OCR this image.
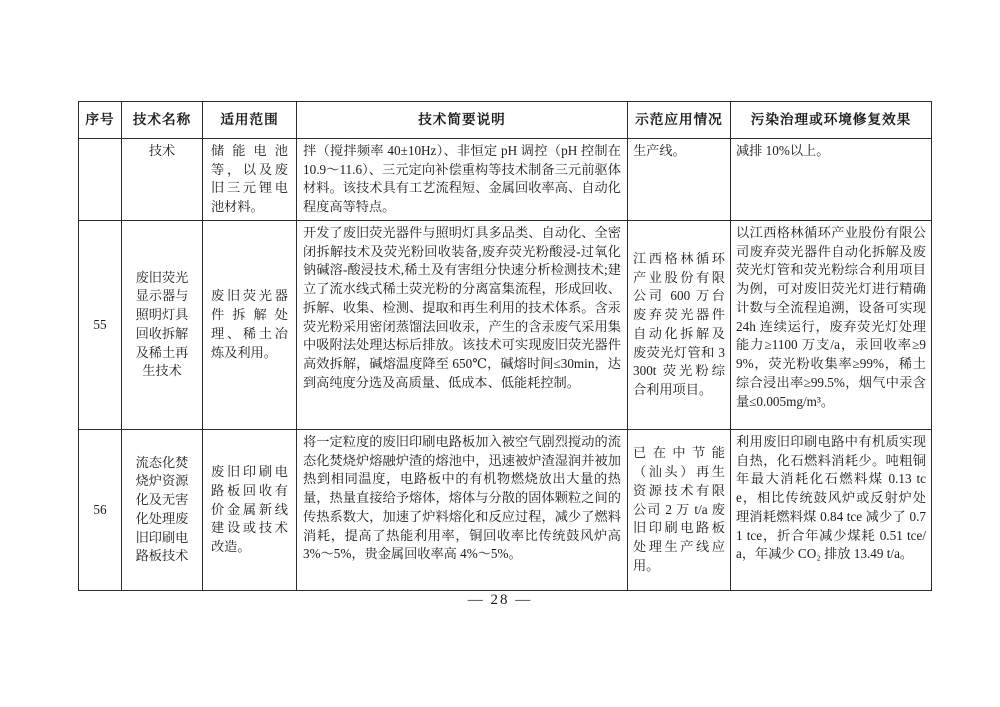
序号	技术名称	适用范围	技术简要说明	示范应用情况	污染治理或环境修复效果
	技术	储能电池等，以及废旧三元锂电池材料。	拌（搅拌频率 40±10Hz）、非恒定 pH 调控（pH 控制在 10.9～11.6）、三元定向补偿重构等技术制备三元前驱体材料。该技术具有工艺流程短、金属回收率高、自动化程度高等特点。	生产线。	减排 10%以上。
55	废旧荧光显示器与照明灯具回收拆解及稀土再生技术	废旧荧光器件拆解处理、稀土冶炼及利用。	开发了废旧荧光器件与照明灯具多品类、自动化、全密闭拆解技术及荧光粉回收装备,废弃荧光粉酸浸-过氧化钠碱溶-酸浸技术,稀土及有害组分快速分析检测技术;建立了流水线式稀土荧光粉的分离富集流程，形成回收、拆解、收集、检测、提取和再生利用的技术体系。含汞荧光粉采用密闭蒸馏法回收汞，产生的含汞废气采用集中吸附法处理达标后排放。该技术可实现废旧荧光器件高效拆解，碱熔温度降至 650℃，碱熔时间≤30min，达到高纯度分选及高质量、低成本、低能耗控制。	江西格林循环产业股份有限公司 600 万台废弃荧光器件自动化拆解及废荧光灯管和 3300t 荧光粉综合利用项目。	以江西格林循环产业股份有限公司废弃荧光器件自动化拆解及废荧光灯管和荧光粉综合利用项目为例，可对废旧荧光灯进行精确计数与全流程追溯，设备可实现 24h 连续运行，废弃荧光灯处理能力≥1100 万支/a，汞回收率≥99%，荧光粉收集率≥99%，稀土综合浸出率≥99.5%，烟气中汞含量≤0.005mg/m³。
56	流态化焚烧炉资源化及无害化处理废旧印刷电路板技术	废旧印刷电路板回收有价金属新线建设或技术改造。	将一定粒度的废旧印刷电路板加入被空气剧烈搅动的流态化焚烧炉熔融炉渣的熔池中，迅速被炉渣湿润并被加热到相同温度，电路板中的有机物燃烧放出大量的热量，热量直接给予熔体，熔体与分散的固体颗粒之间的传热系数大，加速了炉料熔化和反应过程，减少了燃料消耗，提高了热能利用率，铜回收率比传统鼓风炉高 3%～5%，贵金属回收率高 4%～5%。	已在中节能（汕头）再生资源技术有限公司 2 万 t/a 废旧印刷电路板处理生产线应用。	利用废旧印刷电路中有机质实现自热，化石燃料消耗少。吨粗铜年最大消耗化石燃料煤 0.13 tce，相比传统鼓风炉或反射炉处理消耗燃料煤 0.84 tce 减少了 0.71 tce，折合年减少煤耗 0.51 tce/a，年减少 CO₂ 排放 13.49 t/a。
— 28 —
